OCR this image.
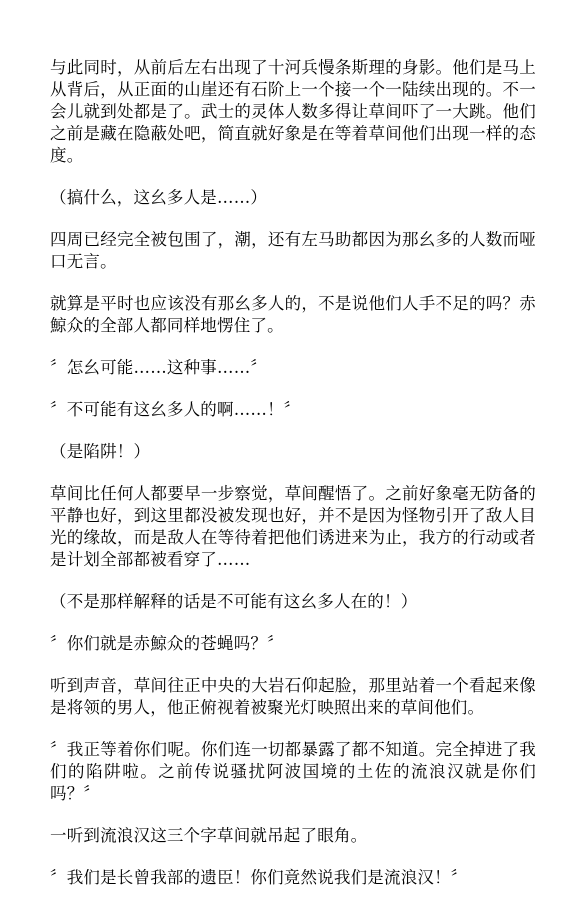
与此同时，从前后左右出现了十河兵慢条斯理的身影。他们是马上从背后，从正面的山崖还有石阶上一个接一个一陆续出现的。不一会儿就到处都是了。武士的灵体人数多得让草间吓了一大跳。他们之前是藏在隐蔽处吧，简直就好象是在等着草间他们出现一样的态度。

（搞什么，这幺多人是……）

四周已经完全被包围了，潮，还有左马助都因为那幺多的人数而哑口无言。

就算是平时也应该没有那幺多人的，不是说他们人手不足的吗？赤鯨众的全部人都同样地愣住了。

〞怎幺可能……这种事……〞

〞不可能有这幺多人的啊……！〞

（是陷阱！）

草间比任何人都要早一步察觉，草间醒悟了。之前好象毫无防备的平静也好，到这里都没被发现也好，并不是因为怪物引开了敌人目光的缘故，而是敌人在等待着把他们诱进来为止，我方的行动或者是计划全部都被看穿了……

（不是那样解释的话是不可能有这幺多人在的！）

〞你们就是赤鯨众的苍蝇吗？〞

听到声音，草间往正中央的大岩石仰起脸，那里站着一个看起来像是将领的男人，他正俯视着被聚光灯映照出来的草间他们。

〞我正等着你们呢。你们连一切都暴露了都不知道。完全掉进了我们的陷阱啦。之前传说骚扰阿波国境的土佐的流浪汉就是你们吗？〞

一听到流浪汉这三个字草间就吊起了眼角。

〞我们是长曾我部的遗臣！你们竟然说我们是流浪汉！〞
